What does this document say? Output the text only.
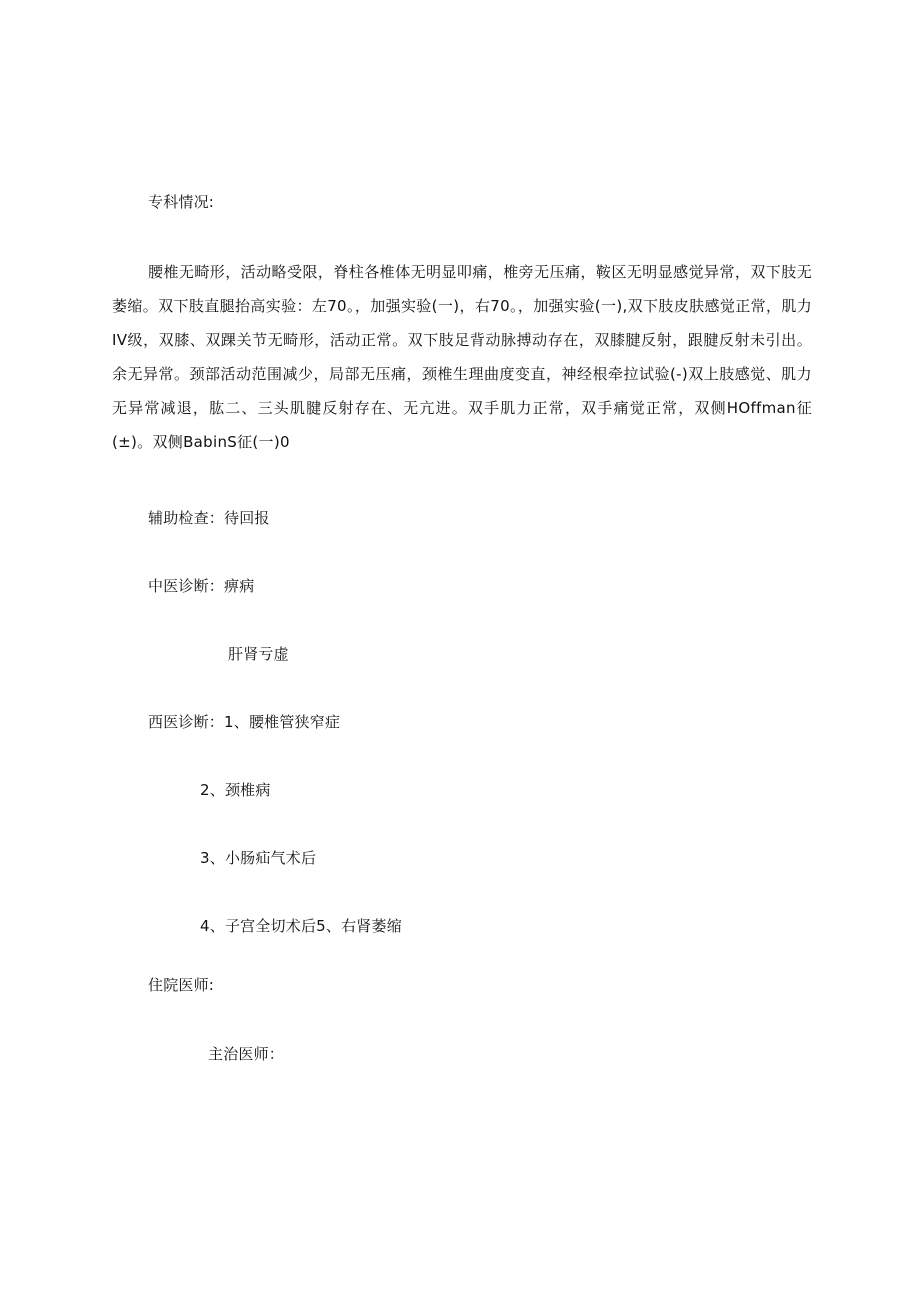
专科情况:
腰椎无畸形，活动略受限，脊柱各椎体无明显叩痛，椎旁无压痛，鞍区无明显感觉异常，双下肢无萎缩。双下肢直腿抬高实验：左70。，加强实验(一)，右70。，加强实验(一),双下肢皮肤感觉正常，肌力IV级，双膝、双踝关节无畸形，活动正常。双下肢足背动脉搏动存在，双膝腱反射，跟腱反射未引出。余无异常。颈部活动范围减少，局部无压痛，颈椎生理曲度变直，神经根牵拉试验(-)双上肢感觉、肌力无异常减退，肱二、三头肌腱反射存在、无亢进。双手肌力正常，双手痛觉正常，双侧HOffman征(±)。双侧BabinS征(一)0
辅助检查：待回报
中医诊断：痹病
肝肾亏虚
西医诊断：1、腰椎管狭窄症
2、颈椎病
3、小肠疝气术后
4、子宫全切术后5、右肾萎缩
住院医师:
主治医师：
